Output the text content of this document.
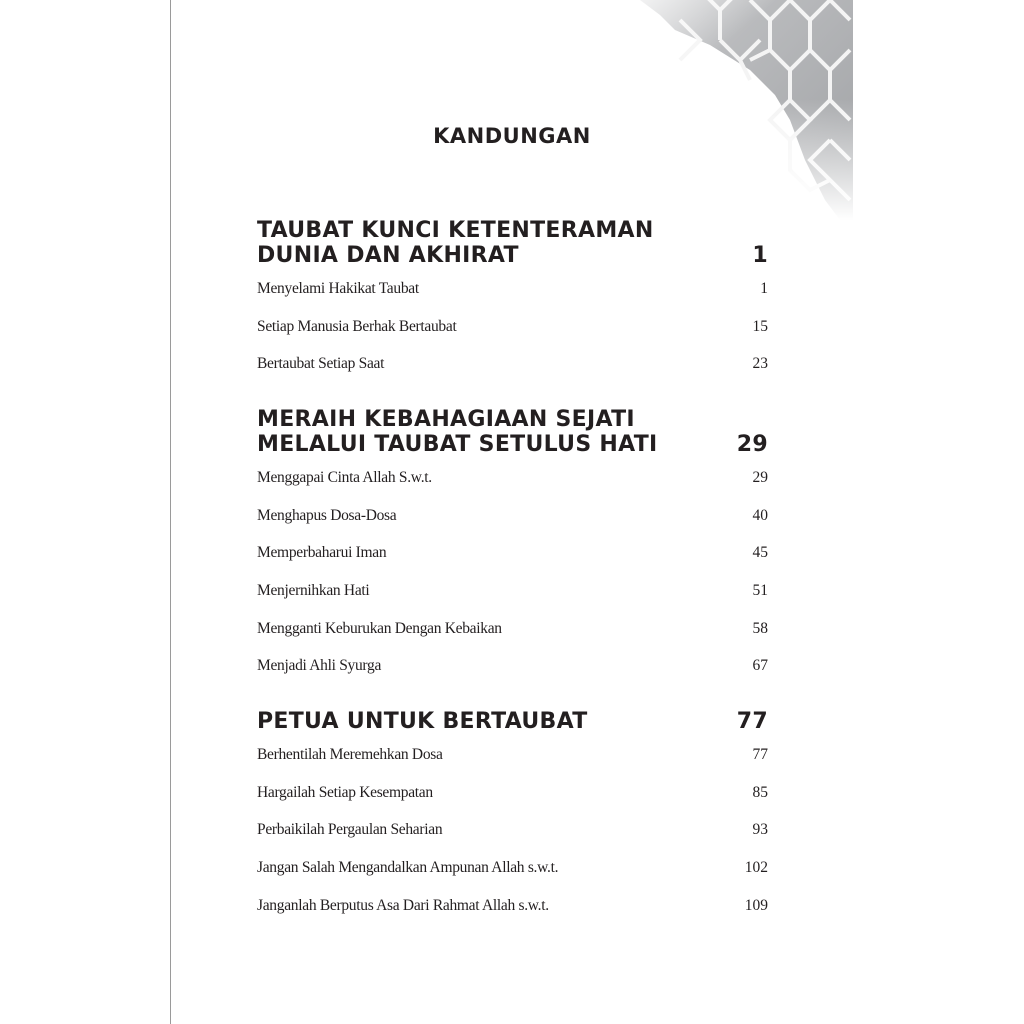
KANDUNGAN
TAUBAT KUNCI KETENTERAMAN
DUNIA DAN AKHIRAT	1
Menyelami Hakikat Taubat	1
Setiap Manusia Berhak Bertaubat	15
Bertaubat Setiap Saat	23
MERAIH KEBAHAGIAAN SEJATI
MELALUI TAUBAT SETULUS HATI	29
Menggapai Cinta Allah S.w.t.	29
Menghapus Dosa-Dosa	40
Memperbaharui Iman	45
Menjernihkan Hati	51
Mengganti Keburukan Dengan Kebaikan	58
Menjadi Ahli Syurga	67
PETUA UNTUK BERTAUBAT	77
Berhentilah Meremehkan Dosa	77
Hargailah Setiap Kesempatan	85
Perbaikilah Pergaulan Seharian	93
Jangan Salah Mengandalkan Ampunan Allah s.w.t.	102
Janganlah Berputus Asa Dari Rahmat Allah s.w.t.	109
